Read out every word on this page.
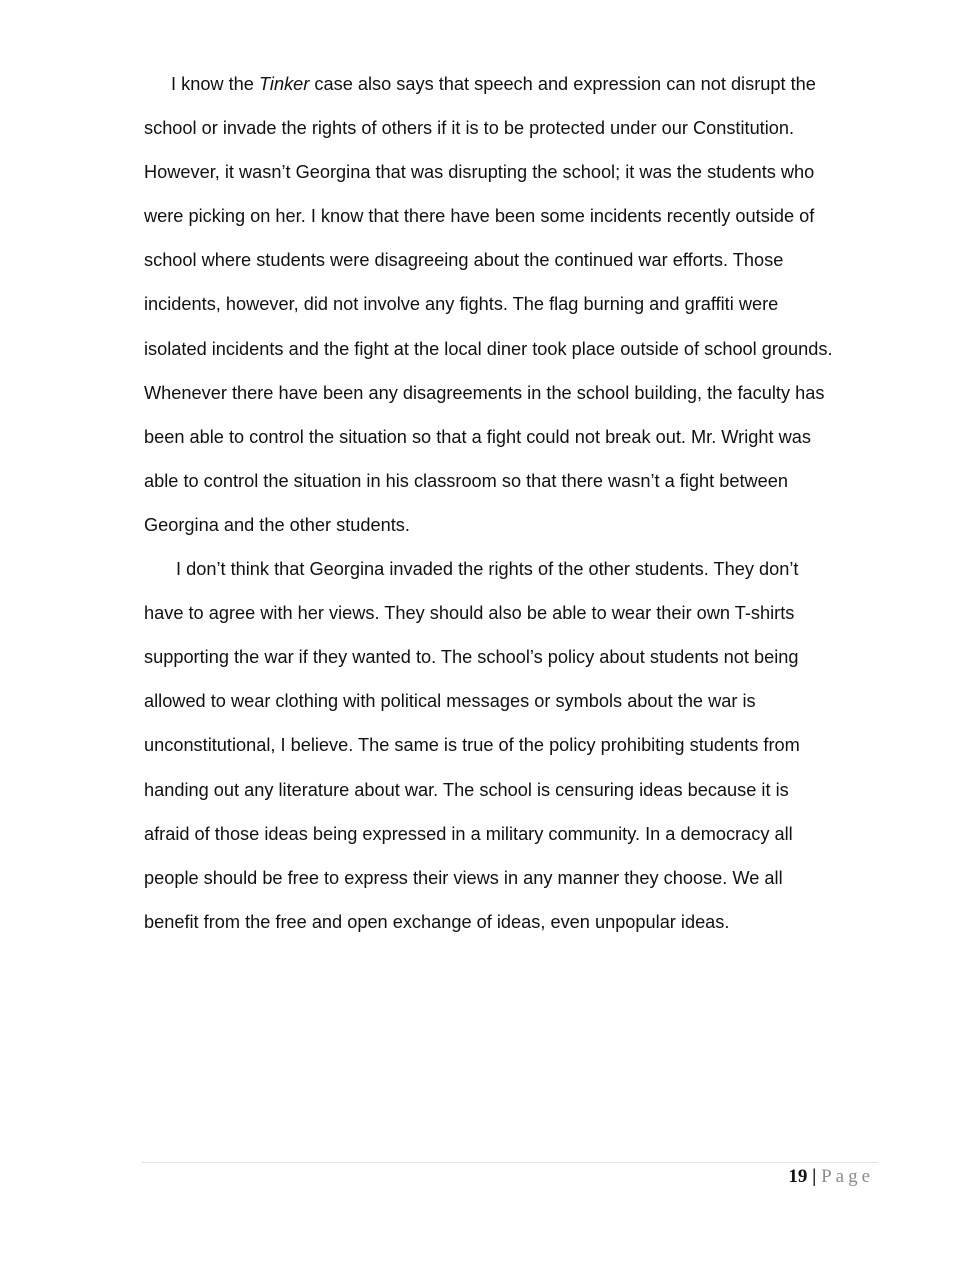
I know the Tinker case also says that speech and expression can not disrupt the
school or invade the rights of others if it is to be protected under our Constitution.
However, it wasn’t Georgina that was disrupting the school; it was the students who
were picking on her. I know that there have been some incidents recently outside of
school where students were disagreeing about the continued war efforts. Those
incidents, however, did not involve any fights. The flag burning and graffiti were
isolated incidents and the fight at the local diner took place outside of school grounds.
Whenever there have been any disagreements in the school building, the faculty has
been able to control the situation so that a fight could not break out. Mr. Wright was
able to control the situation in his classroom so that there wasn’t a fight between
Georgina and the other students.

I don’t think that Georgina invaded the rights of the other students. They don’t
have to agree with her views. They should also be able to wear their own T-shirts
supporting the war if they wanted to. The school’s policy about students not being
allowed to wear clothing with political messages or symbols about the war is
unconstitutional, I believe. The same is true of the policy prohibiting students from
handing out any literature about war. The school is censuring ideas because it is
afraid of those ideas being expressed in a military community. In a democracy all
people should be free to express their views in any manner they choose. We all
benefit from the free and open exchange of ideas, even unpopular ideas.

19 | Page
